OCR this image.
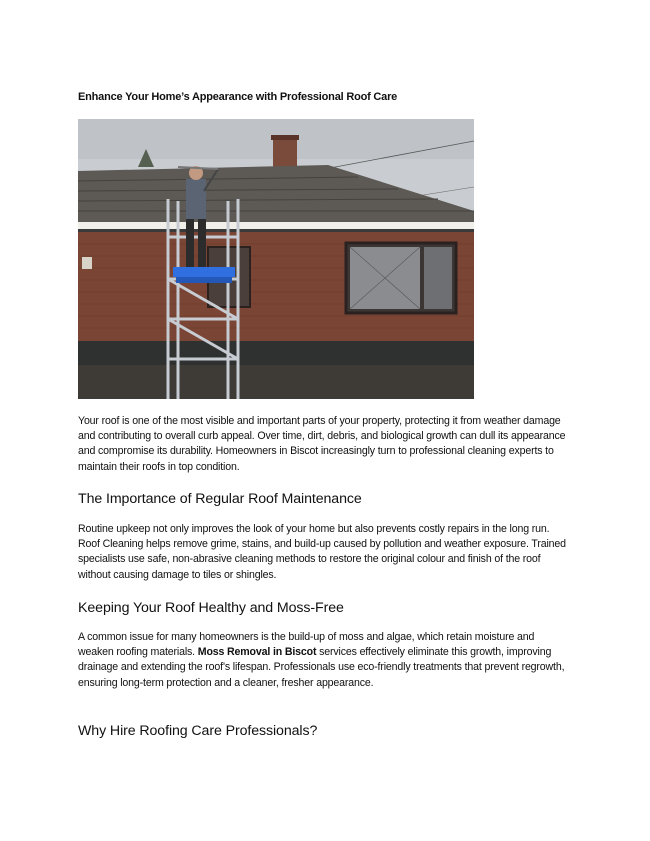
Enhance Your Home’s Appearance with Professional Roof Care

Your roof is one of the most visible and important parts of your property, protecting it from weather damage and contributing to overall curb appeal. Over time, dirt, debris, and biological growth can dull its appearance and compromise its durability. Homeowners in Biscot increasingly turn to professional cleaning experts to maintain their roofs in top condition.

The Importance of Regular Roof Maintenance

Routine upkeep not only improves the look of your home but also prevents costly repairs in the long run. Roof Cleaning helps remove grime, stains, and build-up caused by pollution and weather exposure. Trained specialists use safe, non-abrasive cleaning methods to restore the original colour and finish of the roof without causing damage to tiles or shingles.

Keeping Your Roof Healthy and Moss-Free

A common issue for many homeowners is the build-up of moss and algae, which retain moisture and weaken roofing materials. Moss Removal in Biscot services effectively eliminate this growth, improving drainage and extending the roof's lifespan. Professionals use eco-friendly treatments that prevent regrowth, ensuring long-term protection and a cleaner, fresher appearance.

Why Hire Roofing Care Professionals?
